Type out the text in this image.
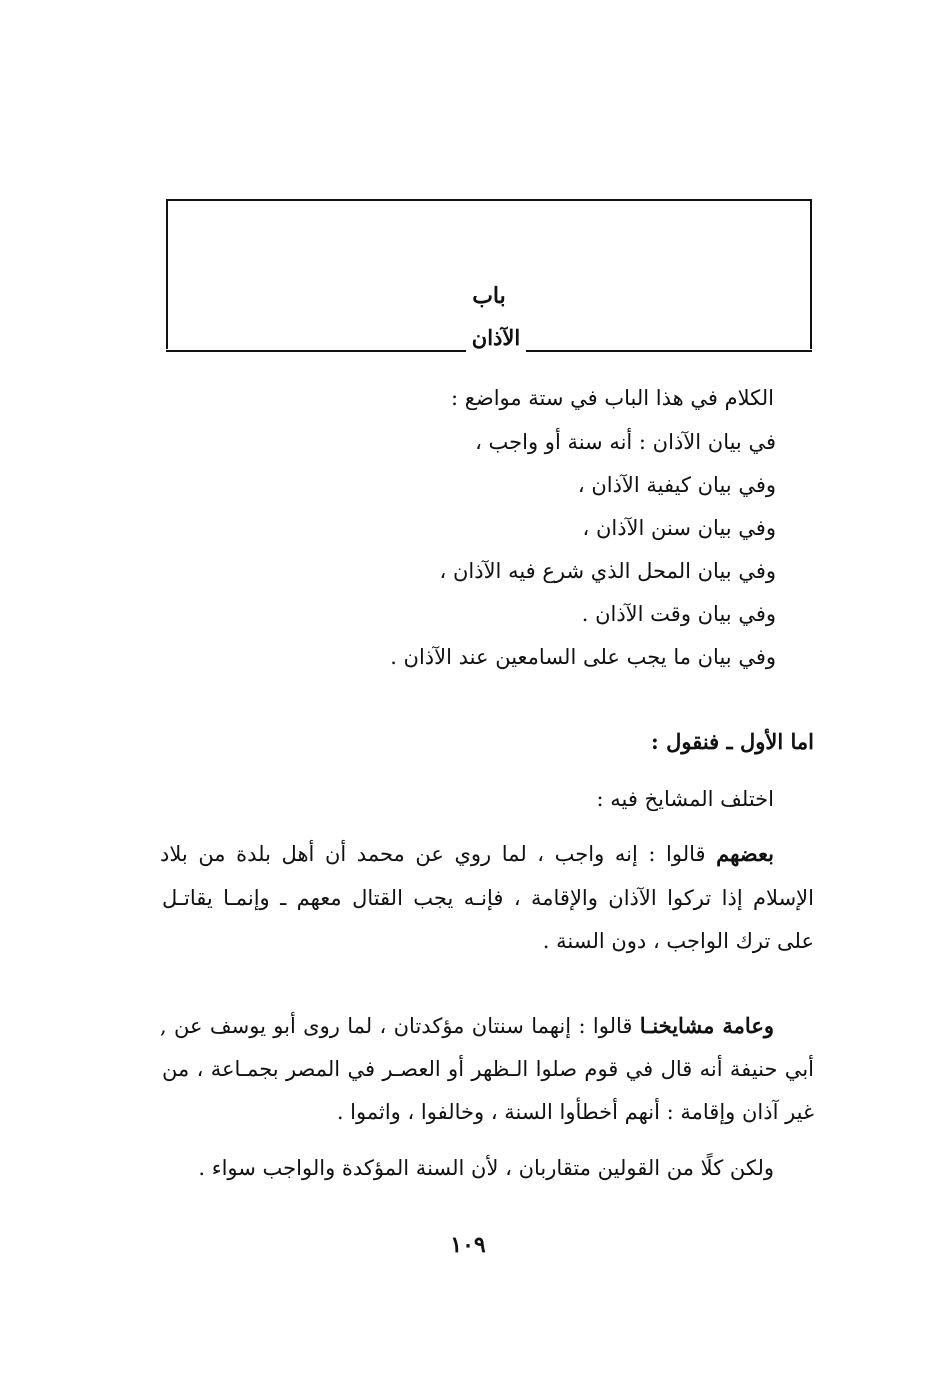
باب
الآذان
الكلام في هذا الباب في ستة مواضع :
في بيان الآذان : أنه سنة أو واجب ،
وفي بيان كيفية الآذان ،
وفي بيان سنن الآذان ،
وفي بيان المحل الذي شرع فيه الآذان ،
وفي بيان وقت الآذان .
وفي بيان ما يجب على السامعين عند الآذان .
اما الأول ـ فنقول :
اختلف المشايخ فيه :
بعضهم قالوا : إنه واجب ، لما روي عن محمد أن أهل بلدة من بلاد
الإسلام إذا تركوا الآذان والإقامة ، فإنـه يجب القتال معهم ـ وإنمـا يقاتـل
على ترك الواجب ، دون السنة .
وعامة مشايخنـا قالوا : إنهما سنتان مؤكدتان ، لما روى أبو يوسف عن ,
أبي حنيفة أنه قال في قوم صلوا الـظهر أو العصـر في المصر بجمـاعة ، من
غير آذان وإقامة : أنهم أخطأوا السنة ، وخالفوا ، واثموا .
ولكن كلًا من القولين متقاربان ، لأن السنة المؤكدة والواجب سواء .
١٠٩
